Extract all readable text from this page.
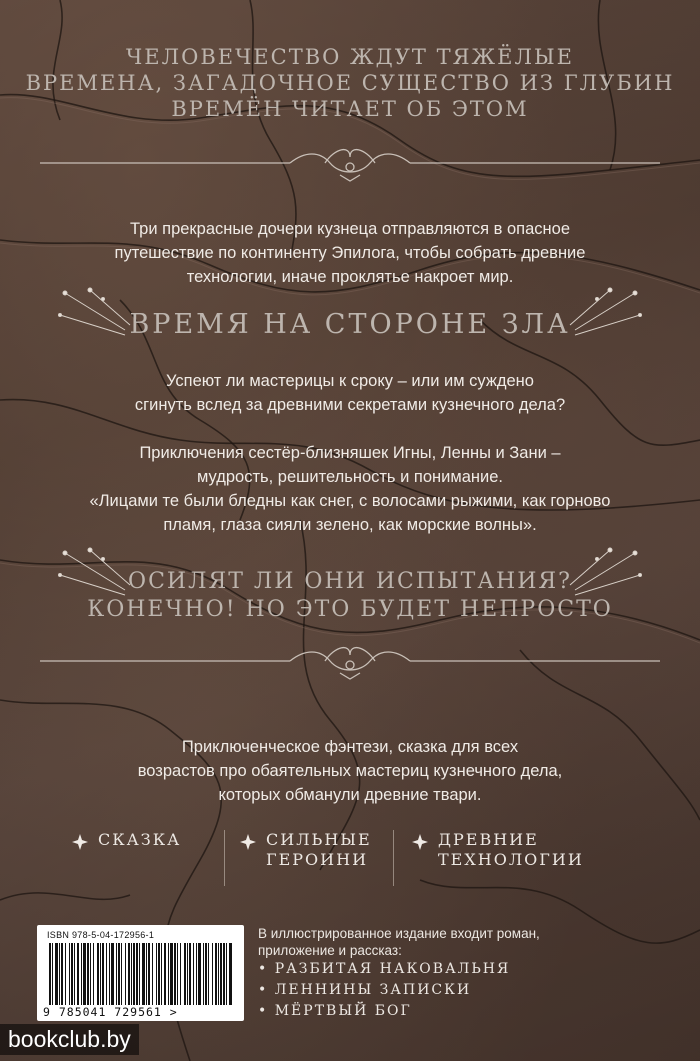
ЧЕЛОВЕЧЕСТВО ЖДУТ ТЯЖЁЛЫЕ
ВРЕМЕНА, ЗАГАДОЧНОЕ СУЩЕСТВО ИЗ ГЛУБИН
ВРЕМЁН ЧИТАЕТ ОБ ЭТОМ
Три прекрасные дочери кузнеца отправляются в опасное
путешествие по континенту Эпилога, чтобы собрать древние
технологии, иначе проклятье накроет мир.
ВРЕМЯ НА СТОРОНЕ ЗЛА
Успеют ли мастерицы к сроку – или им суждено
сгинуть вслед за древними секретами кузнечного дела?
Приключения сестёр-близняшек Игны, Ленны и Зани –
мудрость, решительность и понимание.
«Лицами те были бледны как снег, с волосами рыжими, как горново
пламя, глаза сияли зелено, как морские волны».
ОСИЛЯТ ЛИ ОНИ ИСПЫТАНИЯ?
КОНЕЧНО! НО ЭТО БУДЕТ НЕПРОСТО
Приключенческое фэнтези, сказка для всех
возрастов про обаятельных мастериц кузнечного дела,
которых обманули древние твари.
СКАЗКА	СИЛЬНЫЕ
ГЕРОИНИ
ДРЕВНИЕ
ТЕХНОЛОГИИ
ISBN 978-5-04-172956-1
9 785041 729561 >
В иллюстрированное издание входит роман,
приложение и рассказ:
• РАЗБИТАЯ НАКОВАЛЬНЯ
• ЛЕННИНЫ ЗАПИСКИ
• МЁРТВЫЙ БОГ
bookclub.by
